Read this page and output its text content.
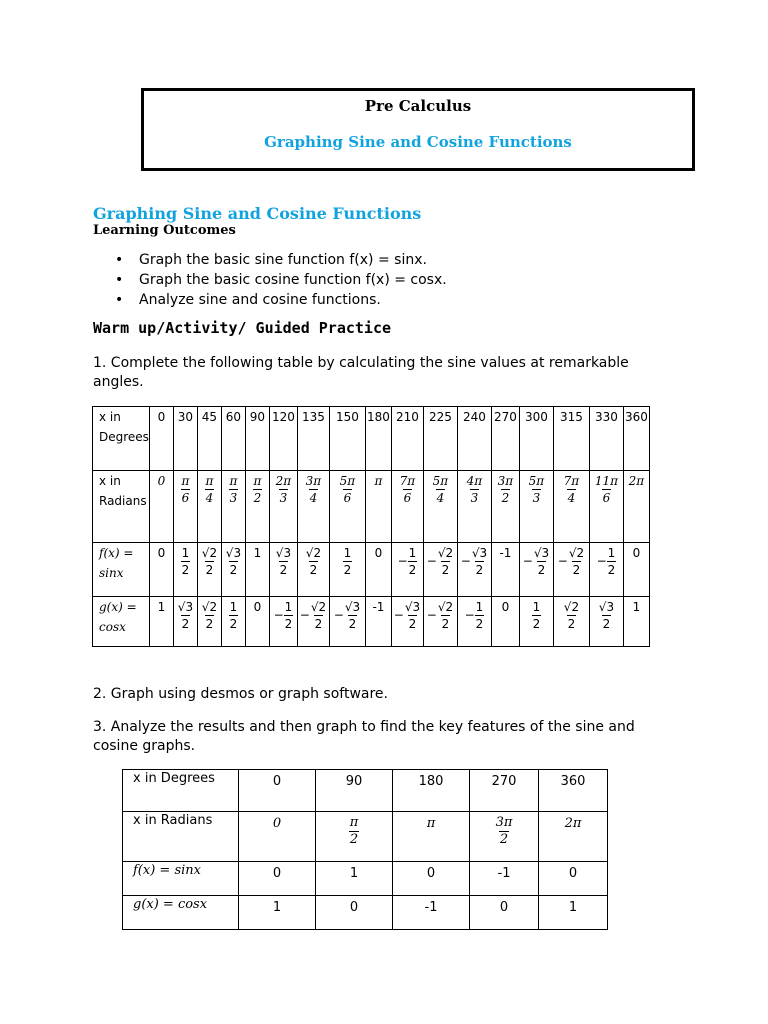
Pre Calculus
Graphing Sine and Cosine Functions
Graphing Sine and Cosine Functions
Learning Outcomes
• Graph the basic sine function f(x) = sinx.
• Graph the basic cosine function f(x) = cosx.
• Analyze sine and cosine functions.
Warm up/Activity/ Guided Practice
1. Complete the following table by calculating the sine values at remarkable angles.
x in Degrees	0	30	45	60	90	120	135	150	180	210	225	240	270	300	315	330	360

x in Radians	0	$\frac{\pi}{6}$	$\frac{\pi}{4}$	$\frac{\pi}{3}$	$\frac{\pi}{2}$	$\frac{2\pi}{3}$	$\frac{3\pi}{4}$	$\frac{5\pi}{6}$	π	$\frac{7\pi}{6}$	$\frac{5\pi}{4}$	$\frac{4\pi}{3}$	$\frac{3\pi}{2}$	$\frac{5\pi}{3}$	$\frac{7\pi}{4}$	$\frac{11\pi}{6}$	2π

f(x) = sinx	0	$\frac{1}{2}$	$\frac{√2}{2}$	$\frac{√3}{2}$	1	$\frac{√3}{2}$	$\frac{√2}{2}$	$\frac{1}{2}$	0	− $\frac{1}{2}$	− $\frac{√2}{2}$	− $\frac{√3}{2}$	-1	− $\frac{√3}{2}$	− $\frac{√2}{2}$	− $\frac{1}{2}$	0

g(x) = cosx	1	$\frac{√3}{2}$	$\frac{√2}{2}$	$\frac{1}{2}$	0	− $\frac{1}{2}$	− $\frac{√2}{2}$	− $\frac{√3}{2}$	-1	− $\frac{√3}{2}$	− $\frac{√2}{2}$	− $\frac{1}{2}$	0	$\frac{1}{2}$	$\frac{√2}{2}$	$\frac{√3}{2}$	1
2. Graph using desmos or graph software.
3. Analyze the results and then graph to find the key features of the sine and cosine graphs.
x in Degrees	0	90	180	270	360

x in Radians	0	$\frac{\pi}{2}$	π	$\frac{3\pi}{2}$	2π

f(x) = sinx	0	1	0	-1	0

g(x) = cosx	1	0	-1	0	1
